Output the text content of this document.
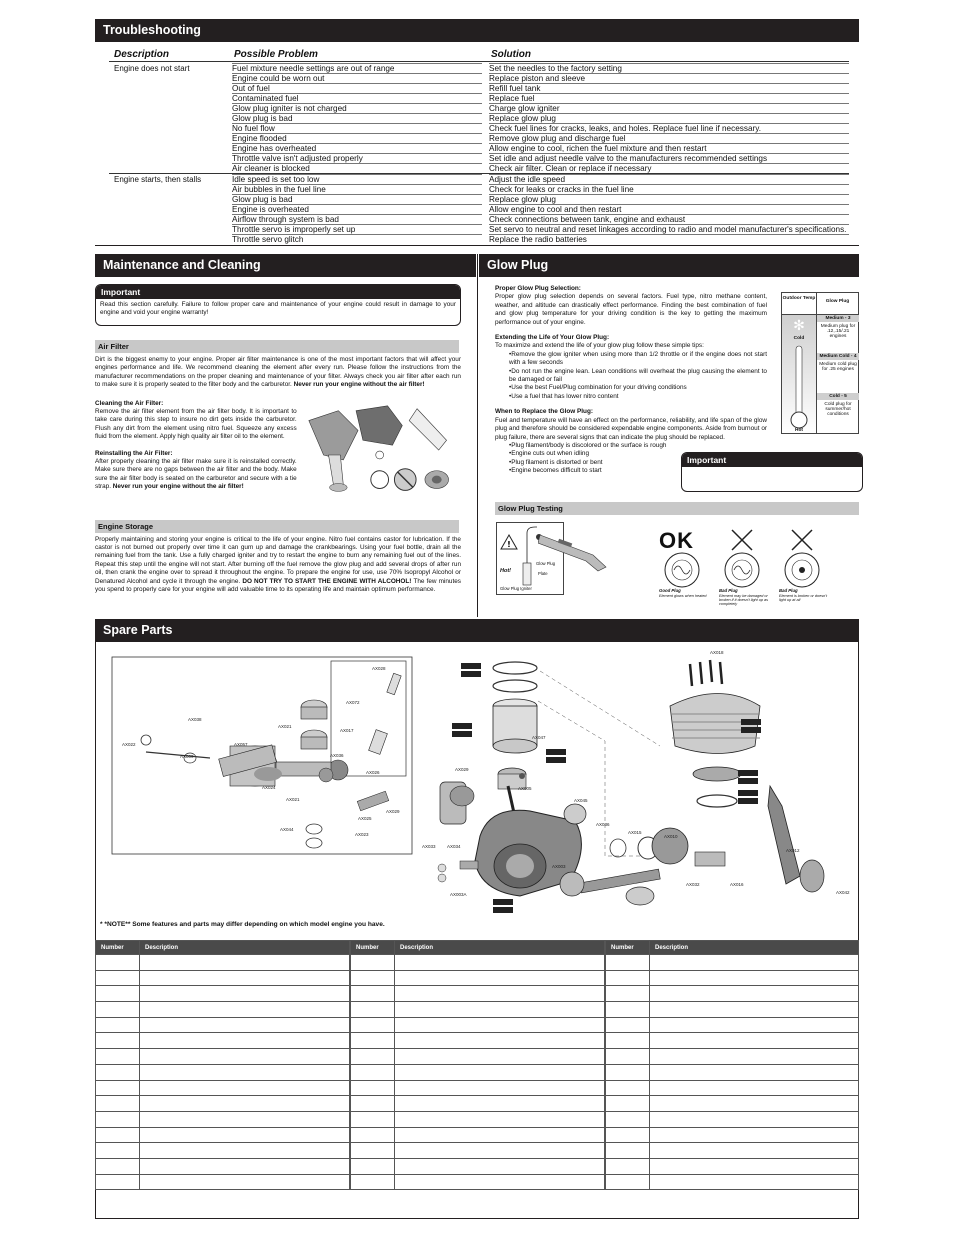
Troubleshooting
Description	Possible Problem	Solution
Engine does not start	Fuel mixture needle settings are out of range	Set the needles to the factory setting
Engine could be worn out	Replace piston and sleeve
Out of fuel	Refill fuel tank
Contaminated fuel	Replace fuel
Glow plug igniter is not charged	Charge glow igniter
Glow plug is bad	Replace glow plug
No fuel flow	Check fuel lines for cracks, leaks, and holes. Replace fuel line if necessary.
Engine flooded	Remove glow plug and discharge fuel
Engine has overheated	Allow engine to cool, richen the fuel mixture and then restart
Throttle valve isn't adjusted properly	Set idle and adjust needle valve to the manufacturers recommended settings
Air cleaner is blocked	Check air filter. Clean or replace if necessary
Engine starts, then stalls	Idle speed is set too low	Adjust the idle speed
Air bubbles in the fuel line	Check for leaks or cracks in the fuel line
Glow plug is bad	Replace glow plug
Engine is overheated	Allow engine to cool and then restart
Airflow through system is bad	Check connections between tank, engine and exhaust
Throttle servo is improperly set up	Set servo to neutral and reset linkages according to radio and model manufacturer's specifications.
Throttle servo glitch	Replace the radio batteries
Maintenance and Cleaning
Important
Read this section carefully. Failure to follow proper care and maintenance of your engine could result in damage to your engine and void your engine warranty!
Air Filter
Dirt is the biggest enemy to your engine. Proper air filter maintenance is one of the most important factors that will affect your engines performance and life. We recommend cleaning the element after every run. Please follow the instructions from the manufacturer recommendations on the proper cleaning and maintenance of your filter. Always check you air filter after each run to make sure it is properly seated to the filter body and the carburetor. Never run your engine without the air filter!
Cleaning the Air Filter:
Remove the air filter element from the air filter body. It is important to take care during this step to insure no dirt gets inside the carburetor. Flush any dirt from the element using nitro fuel. Squeeze any excess fluid from the element. Apply high quality air filter oil to the element.
Reinstalling the Air Filter:
After properly cleaning the air filter make sure it is reinstalled correctly. Make sure there are no gaps between the air filter and the body. Make sure the air filter body is seated on the carburetor and secure with a tie strap. Never run your engine without the air filter!
Engine Storage
Properly maintaining and storing your engine is critical to the life of your engine. Nitro fuel contains castor for lubrication. If the castor is not burned out properly over time it can gum up and damage the crankbearings. Using your fuel bottle, drain all the remaining fuel from the tank. Use a fully charged igniter and try to restart the engine to burn any remaining fuel out of the lines. Repeat this step until the engine will not start. After burning off the fuel remove the glow plug and add several drops of after run oil, then crank the engine over to spread it throughout the engine. To prepare the engine for use, use 70% Isopropyl Alcohol or Denatured Alcohol and cycle it through the engine. DO NOT TRY TO START THE ENGINE WITH ALCOHOL! The few minutes you spend to properly care for your engine will add valuable time to its operating life and maintain optimum performance.
Glow Plug
Proper Glow Plug Selection:
Proper glow plug selection depends on several factors. Fuel type, nitro methane content, weather, and altitude can drastically effect performance. Finding the best combination of fuel and glow plug temperature for your driving condition is the key to getting the maximum performance out of your engine.
Extending the Life of Your Glow Plug:
To maximize and extend the life of your glow plug follow these simple tips:
•Remove the glow igniter when using more than 1/2 throttle or if the engine does not start with a few seconds
•Do not run the engine lean. Lean conditions will overheat the plug causing the element to be damaged or fail
•Use the best Fuel/Plug combination for your driving conditions
•Use a fuel that has lower nitro content
When to Replace the Glow Plug:
Fuel and temperature will have an effect on the performance, reliability, and life span of the glow plug and therefore should be considered expendable engine components. Aside from burnout or plug failure, there are several signs that can indicate the plug should be replaced.
•Plug filament/body is discolored or the surface is rough
•Engine cuts out when idling
•Plug filament is distorted or bent
•Engine becomes difficult to start
Outdoor Temp
Glow Plug
✻
Cold
Hot
Medium - 3
Medium plug for .12,.15/.21 engines
Medium Cold - 4
Medium cold plug for .25 engines
Cold - 5
Cold plug for summer/hot conditions
Important
Glow Plug Testing
!
Hot!
Glow Plug
Plate
Glow Plug Igniter
OK
Good Plug
Element glows when heated
Bad Plug
Element may be damaged or broken if it doesn't light up as completely
Bad Plug
Element is broken or doesn't light up at all
Spare Parts
AX018
AX038
AX022
AX009
AX057
AX021
AX024
AX021
AX028
AX072
AX017
AX036
AX026
AX025
AX029
AX023
AX044
AX047
AX029
AX005
AX045
AX036
AX015
AX010
AX032	AX016
AX012
AX042
AX033	AX034
AX003A
AX003
* *NOTE** Some features and parts may differ depending on which model engine you have.
Number	Description

		Number	Description

		Number	Description
